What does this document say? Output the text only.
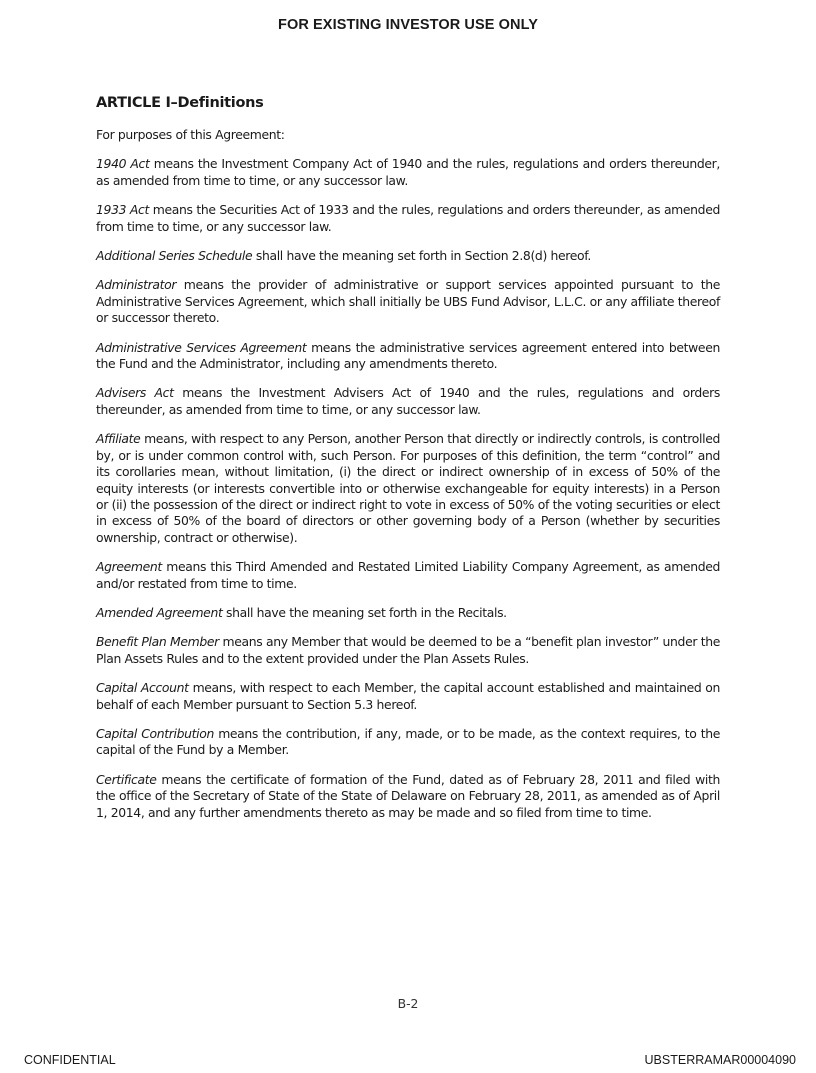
FOR EXISTING INVESTOR USE ONLY
ARTICLE I–Definitions

For purposes of this Agreement:

1940 Act means the Investment Company Act of 1940 and the rules, regulations and orders thereunder, as amended from time to time, or any successor law.

1933 Act means the Securities Act of 1933 and the rules, regulations and orders thereunder, as amended from time to time, or any successor law.

Additional Series Schedule shall have the meaning set forth in Section 2.8(d) hereof.

Administrator means the provider of administrative or support services appointed pursuant to the Administrative Services Agreement, which shall initially be UBS Fund Advisor, L.L.C. or any affiliate thereof or successor thereto.

Administrative Services Agreement means the administrative services agreement entered into between the Fund and the Administrator, including any amendments thereto.

Advisers Act means the Investment Advisers Act of 1940 and the rules, regulations and orders thereunder, as amended from time to time, or any successor law.

Affiliate means, with respect to any Person, another Person that directly or indirectly controls, is controlled by, or is under common control with, such Person. For purposes of this definition, the term “control” and its corollaries mean, without limitation, (i) the direct or indirect ownership of in excess of 50% of the equity interests (or interests convertible into or otherwise exchangeable for equity interests) in a Person or (ii) the possession of the direct or indirect right to vote in excess of 50% of the voting securities or elect in excess of 50% of the board of directors or other governing body of a Person (whether by securities ownership, contract or otherwise).

Agreement means this Third Amended and Restated Limited Liability Company Agreement, as amended and/or restated from time to time.

Amended Agreement shall have the meaning set forth in the Recitals.

Benefit Plan Member means any Member that would be deemed to be a “benefit plan investor” under the Plan Assets Rules and to the extent provided under the Plan Assets Rules.

Capital Account means, with respect to each Member, the capital account established and maintained on behalf of each Member pursuant to Section 5.3 hereof.

Capital Contribution means the contribution, if any, made, or to be made, as the context requires, to the capital of the Fund by a Member.

Certificate means the certificate of formation of the Fund, dated as of February 28, 2011 and filed with the office of the Secretary of State of the State of Delaware on February 28, 2011, as amended as of April 1, 2014, and any further amendments thereto as may be made and so filed from time to time.

B-2
CONFIDENTIAL	UBSTERRAMAR00004090
